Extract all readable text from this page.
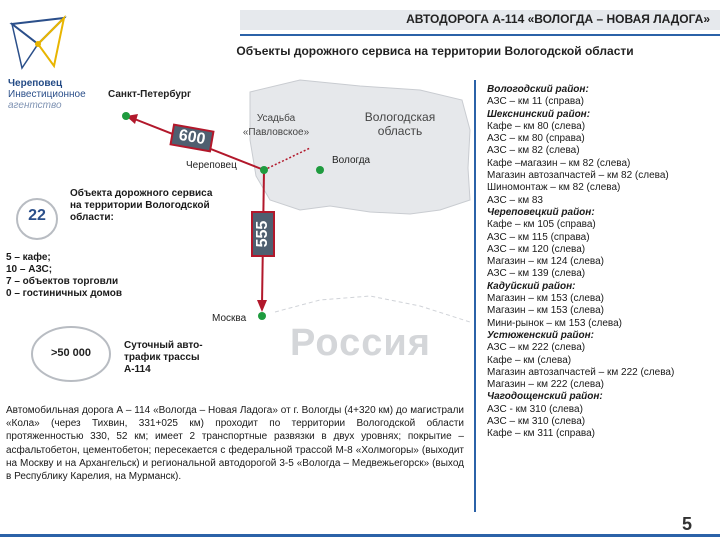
АВТОДОРОГА А-114 «ВОЛОГДА – НОВАЯ ЛАДОГА»
Объекты дорожного сервиса на территории Вологодской области
Череповец
Инвестиционное
агентство
600
555
Санкт-Петербург
Череповец	Вологда
Москва
Усадьба «Павловское»
Вологодская область
Россия
22
Объекта дорожного сервиса на территории Вологодской области:
5 – кафе;
10 – АЗС;
7 – объектов торговли
0 – гостиничных домов
>50 000
Суточный авто-трафик трассы А-114
Автомобильная дорога А – 114 «Вологда – Новая Ладога» от г. Вологды (4+320 км) до магистрали «Кола» (через Тихвин, 331+025 км) проходит по территории Вологодской области протяженностью 330, 52 км; имеет 2 транспортные развязки в двух уровнях; покрытие – асфальтобетон, цементобетон; пересекается с федеральной трассой М-8 «Холмогоры» (выходит на Москву и на Архангельск) и региональной автодорогой 3-5 «Вологда – Медвежьегорск» (выход в Республику Карелия, на Мурманск).
Вологодский район:
АЗС – км 11 (справа)
Шекснинский район:
Кафе – км 80 (слева)
АЗС – км 80 (справа)
АЗС – км 82 (слева)
Кафе –магазин – км 82 (слева)
Магазин автозапчастей – км 82 (слева)
Шиномонтаж – км 82 (слева)
АЗС – км 83
Череповецкий район:
Кафе – км 105 (справа)
АЗС – км 115 (справа)
АЗС – км 120 (слева)
Магазин – км 124 (слева)
АЗС – км 139 (слева)
Кадуйский район:
Магазин – км 153 (слева)
Магазин – км 153 (слева)
Мини-рынок – км 153 (слева)
Устюженский район:
АЗС – км 222 (слева)
Кафе – км (слева)
Магазин автозапчастей – км 222 (слева)
Магазин – км 222 (слева)
Чагодощенский район:
АЗС - км 310 (слева)
АЗС – км 310 (слева)
Кафе – км 311 (справа)
5
